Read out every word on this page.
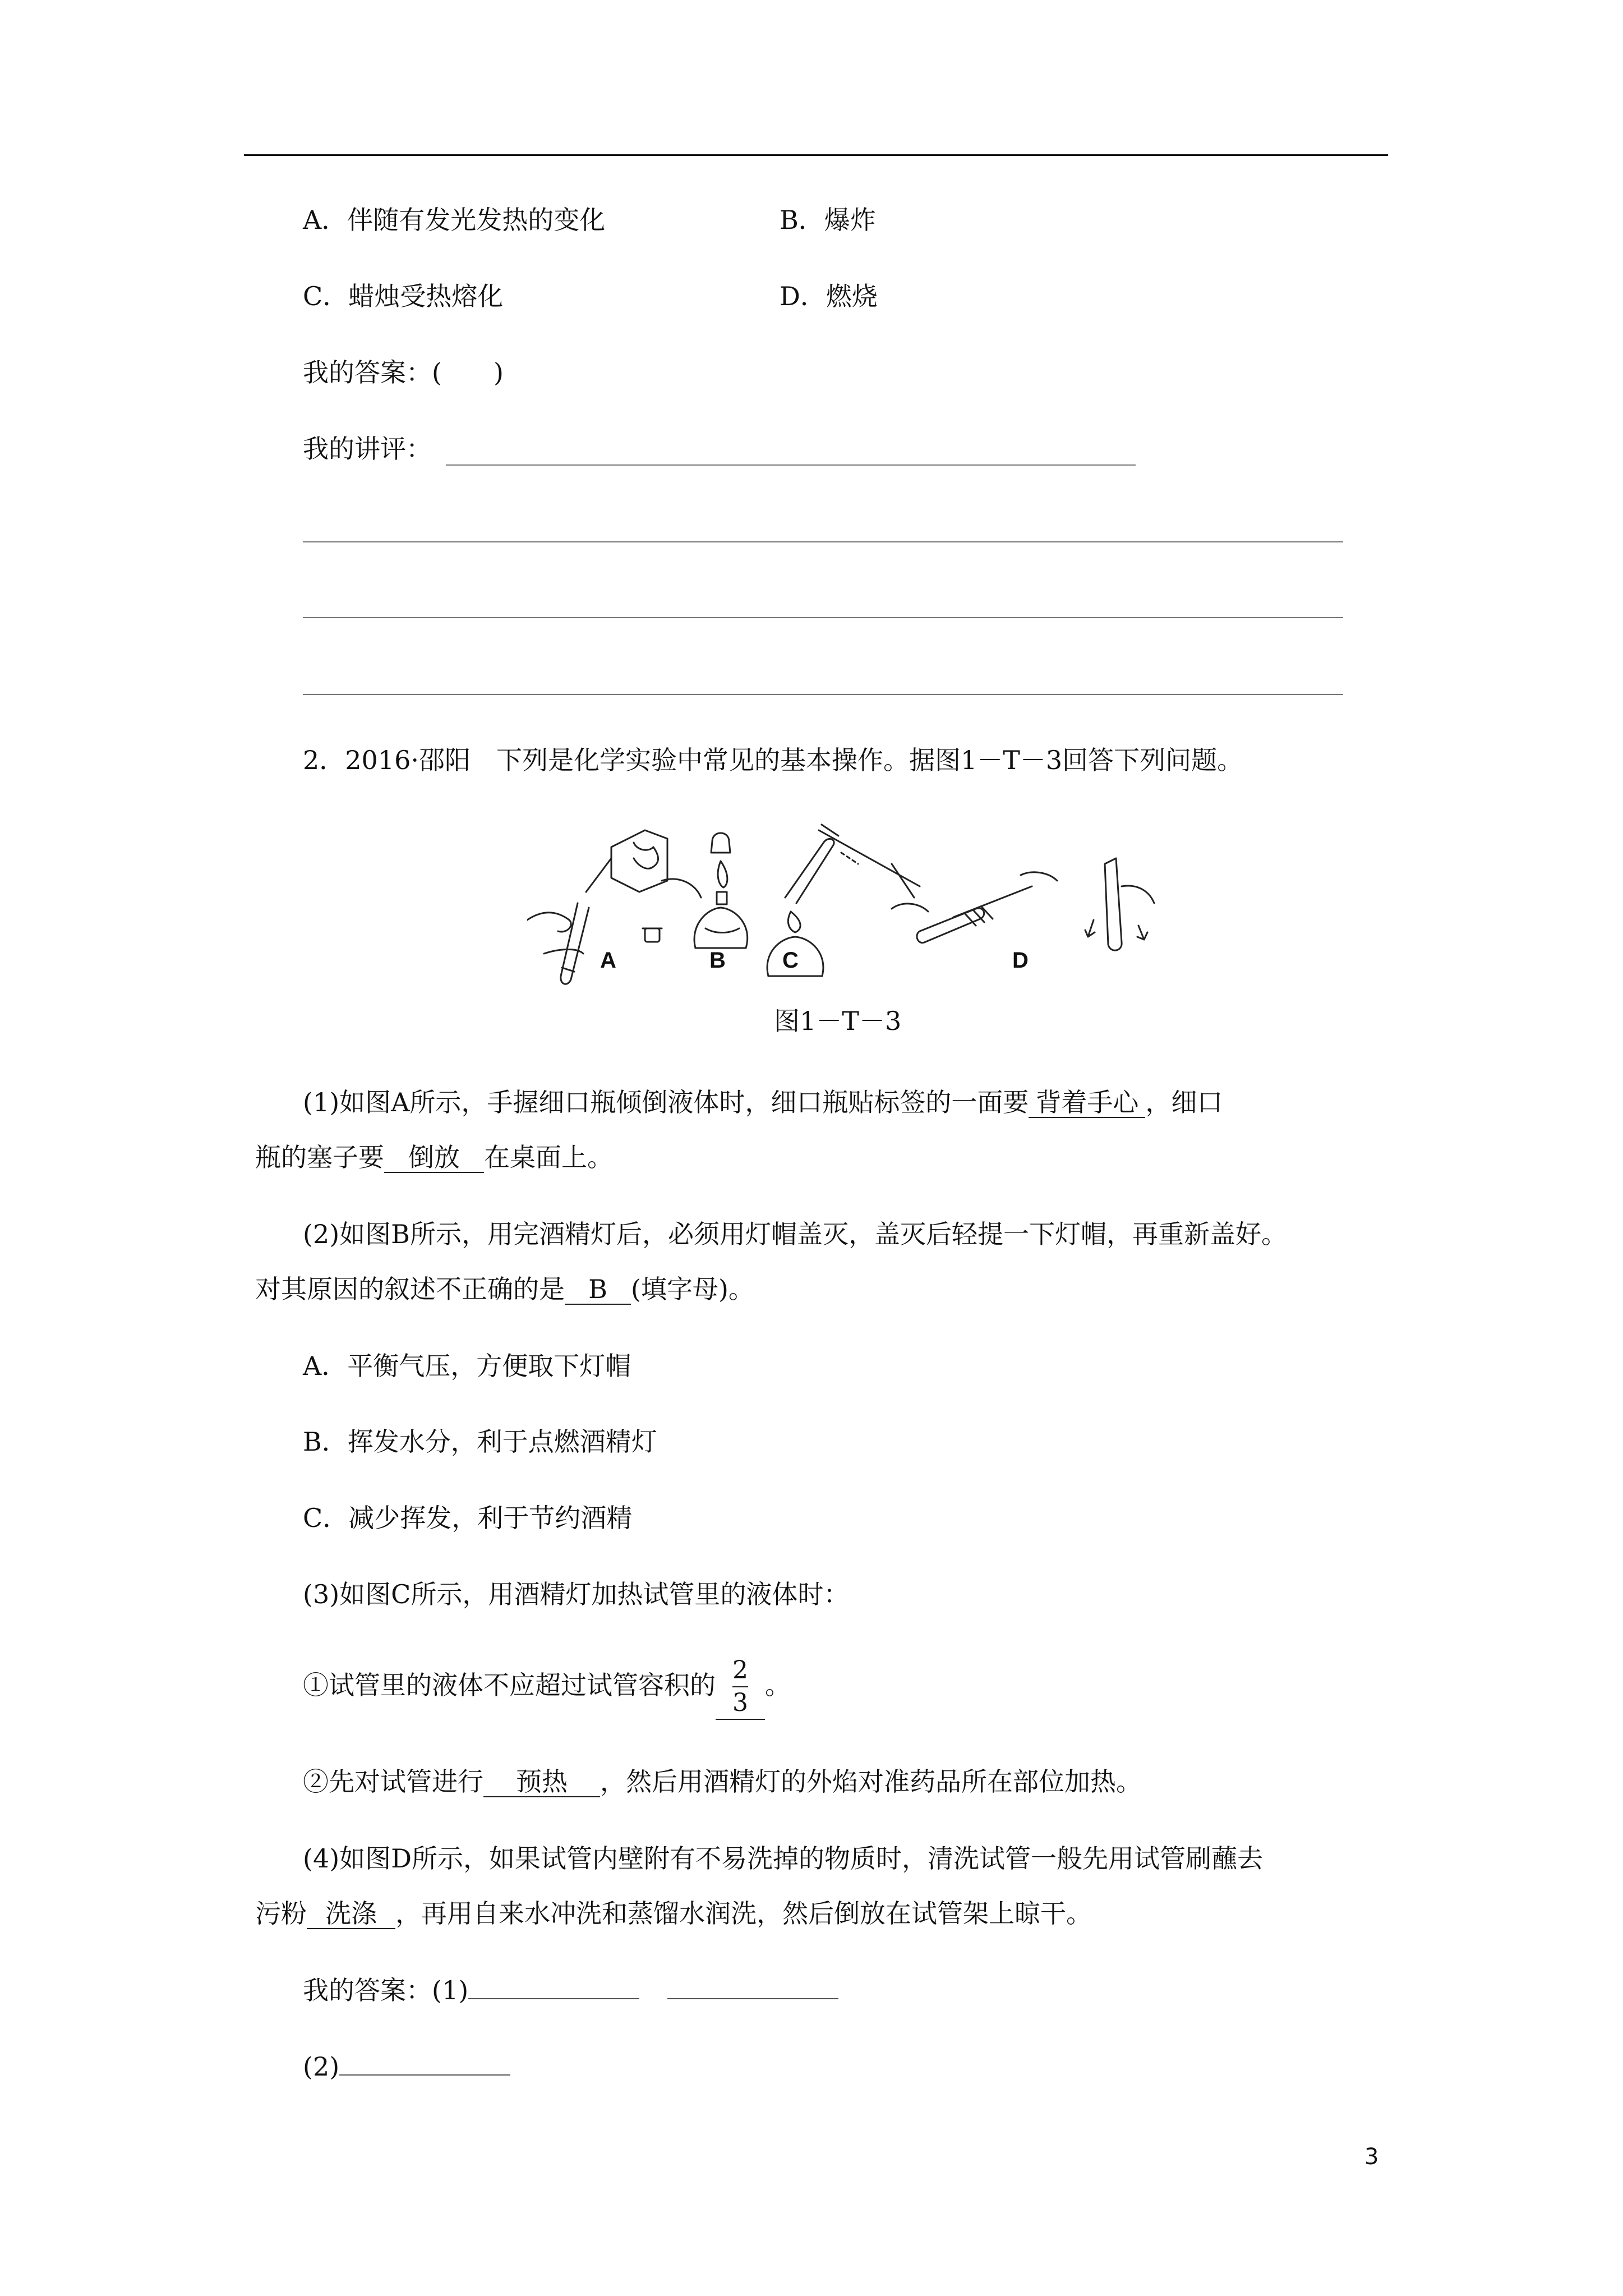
A．伴随有发光发热的变化	B．爆炸
C．蜡烛受热熔化	D．燃烧
我的答案：(　　)
我的讲评：
2．2016·邵阳　下列是化学实验中常见的基本操作。据图1－T－3回答下列问题。
A	B	C	D
图1－T－3
(1)如图A所示，手握细口瓶倾倒液体时，细口瓶贴标签的一面要 背着手心 ，细口
瓶的塞子要 倒放 在桌面上。
(2)如图B所示，用完酒精灯后，必须用灯帽盖灭，盖灭后轻提一下灯帽，再重新盖好。
对其原因的叙述不正确的是 B (填字母)。
A．平衡气压，方便取下灯帽
B．挥发水分，利于点燃酒精灯
C．减少挥发，利于节约酒精
(3)如图C所示，用酒精灯加热试管里的液体时：
①试管里的液体不应超过试管容积的 $\frac{2}{3}$ 。
②先对试管进行 预热 ，然后用酒精灯的外焰对准药品所在部位加热。
(4)如图D所示，如果试管内壁附有不易洗掉的物质时，清洗试管一般先用试管刷蘸去
污粉 洗涤 ，再用自来水冲洗和蒸馏水润洗，然后倒放在试管架上晾干。
我的答案：(1)
(2)
3
